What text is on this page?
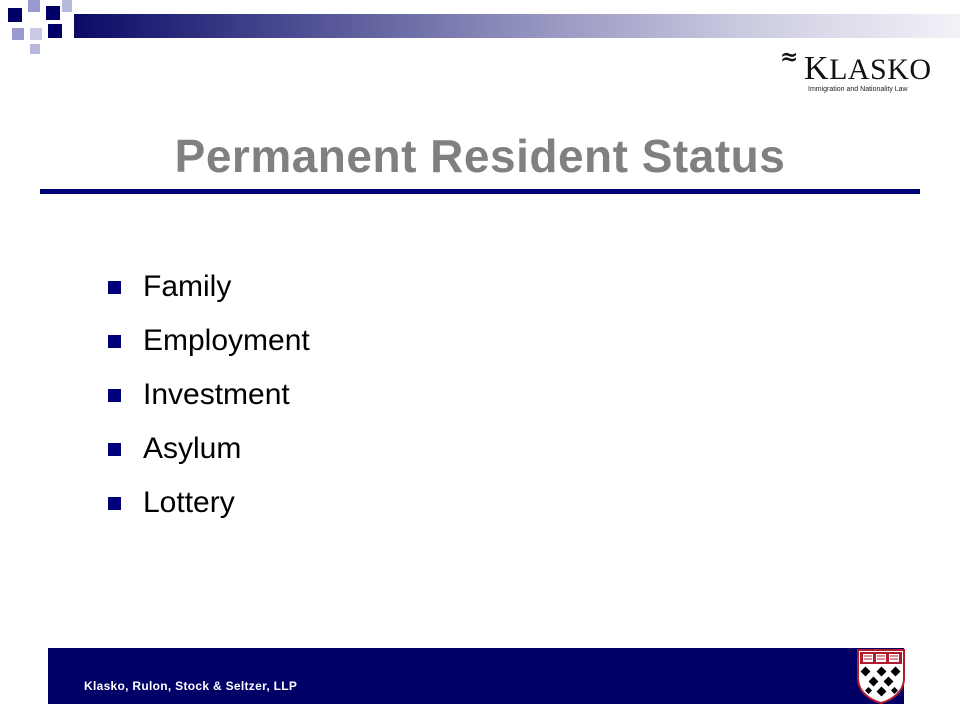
≈ KLASKO
Immigration and Nationality Law
Permanent Resident Status
Family
Employment
Investment
Asylum
Lottery
Klasko, Rulon, Stock & Seltzer, LLP
